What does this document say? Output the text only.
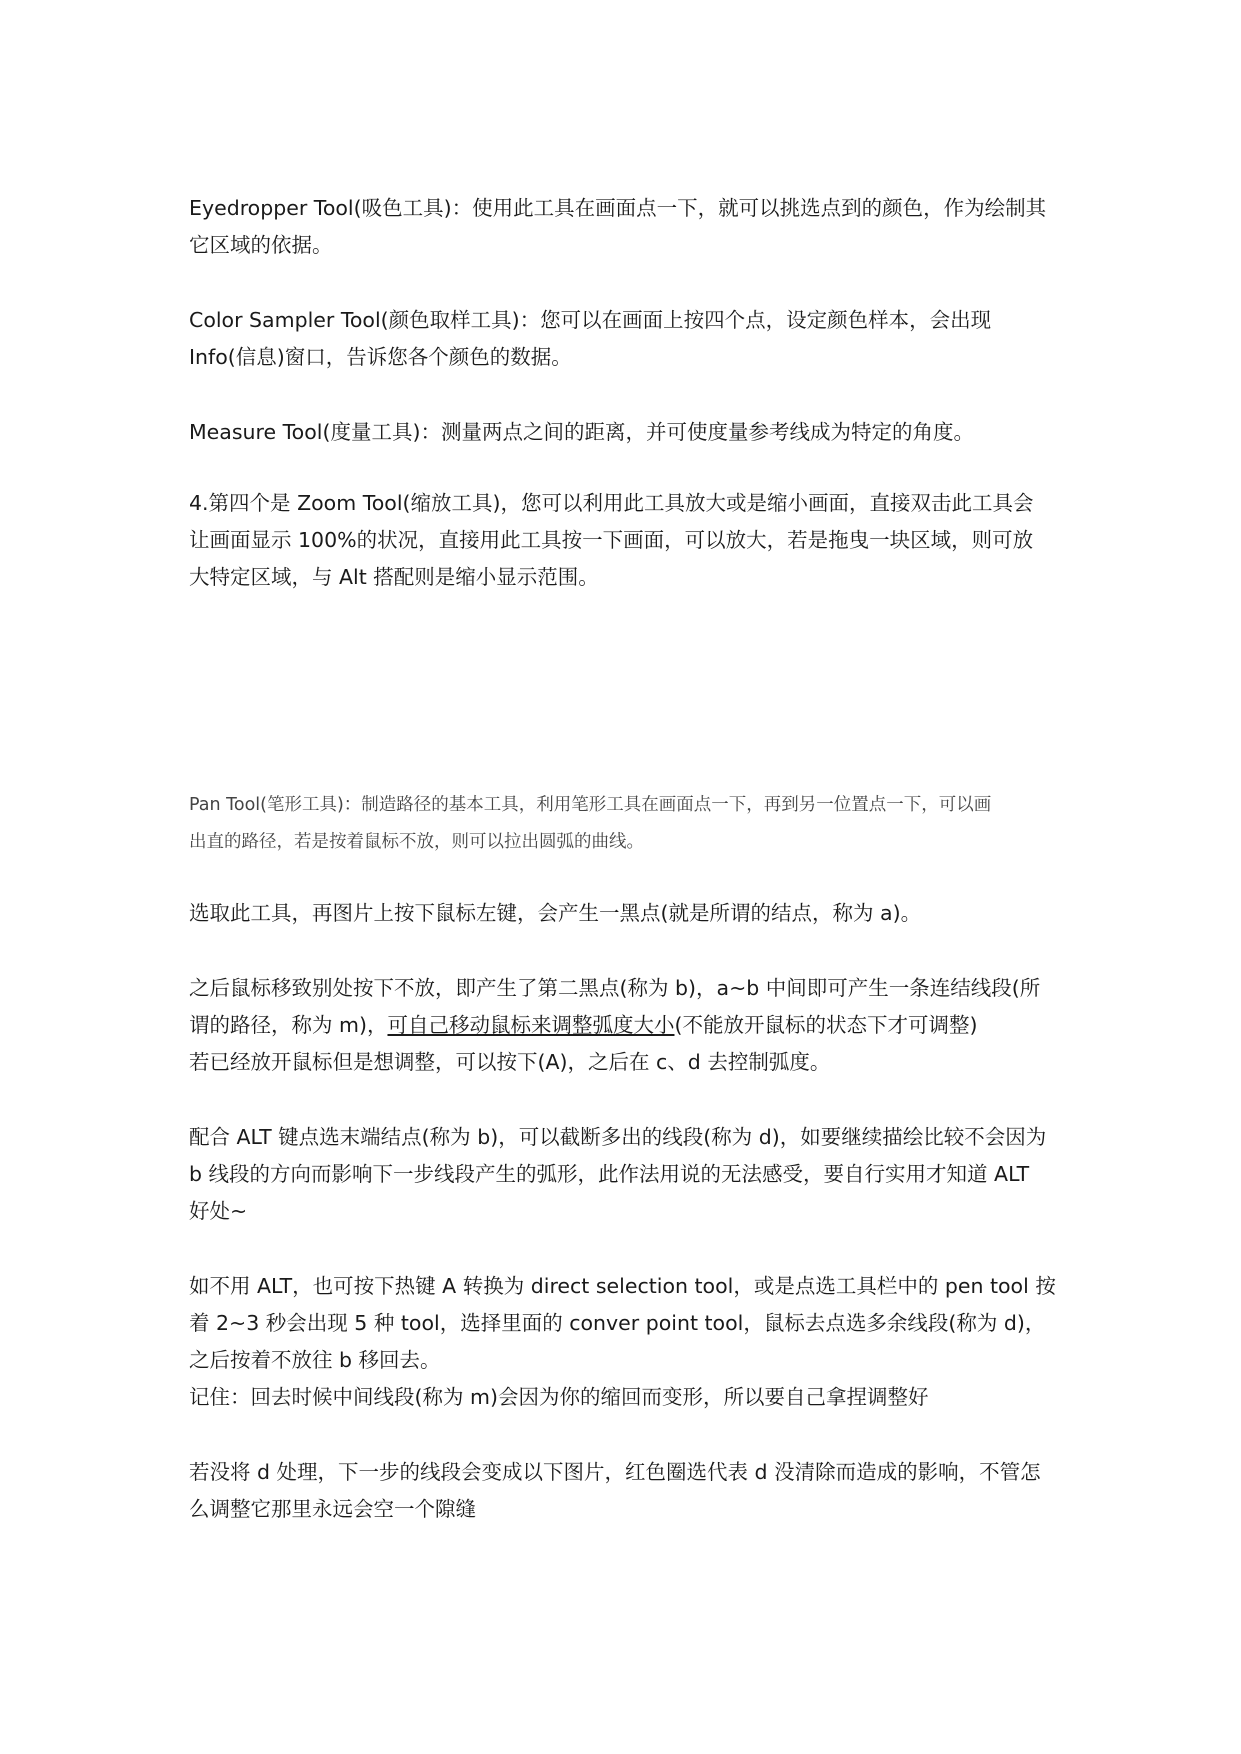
Eyedropper Tool(吸色工具)：使用此工具在画面点一下，就可以挑选点到的颜色，作为绘制其
它区域的依据。

Color Sampler Tool(颜色取样工具)：您可以在画面上按四个点，设定颜色样本，会出现
Info(信息)窗口，告诉您各个颜色的数据。

Measure Tool(度量工具)：测量两点之间的距离，并可使度量参考线成为特定的角度。

4.第四个是 Zoom Tool(缩放工具)，您可以利用此工具放大或是缩小画面，直接双击此工具会
让画面显示 100%的状况，直接用此工具按一下画面，可以放大，若是拖曳一块区域，则可放
大特定区域，与 Alt 搭配则是缩小显示范围。

Pan Tool(笔形工具)：制造路径的基本工具，利用笔形工具在画面点一下，再到另一位置点一下，可以画
出直的路径，若是按着鼠标不放，则可以拉出圆弧的曲线。

选取此工具，再图片上按下鼠标左键，会产生一黑点(就是所谓的结点，称为 a)。

之后鼠标移致别处按下不放，即产生了第二黑点(称为 b)，a~b 中间即可产生一条连结线段(所
谓的路径，称为 m)，可自己移动鼠标来调整弧度大小(不能放开鼠标的状态下才可调整)
若已经放开鼠标但是想调整，可以按下(A)，之后在 c、d 去控制弧度。

配合 ALT 键点选末端结点(称为 b)，可以截断多出的线段(称为 d)，如要继续描绘比较不会因为
b 线段的方向而影响下一步线段产生的弧形，此作法用说的无法感受，要自行实用才知道 ALT
好处~

如不用 ALT，也可按下热键 A 转换为 direct selection tool，或是点选工具栏中的 pen tool 按
着 2~3 秒会出现 5 种 tool，选择里面的 conver point tool，鼠标去点选多余线段(称为 d)，
之后按着不放往 b 移回去。
记住：回去时候中间线段(称为 m)会因为你的缩回而变形，所以要自己拿捏调整好

若没将 d 处理，下一步的线段会变成以下图片，红色圈选代表 d 没清除而造成的影响，不管怎
么调整它那里永远会空一个隙缝
